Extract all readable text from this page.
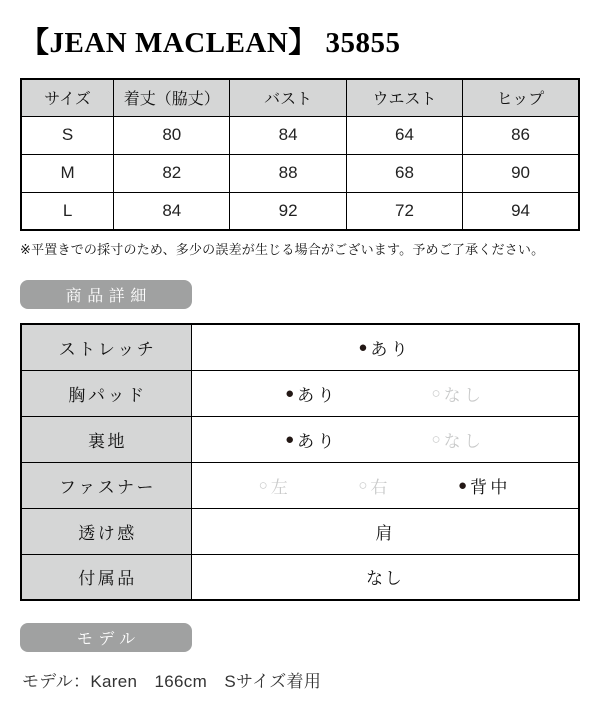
【JEAN MACLEAN】 35855
サイズ	着丈（脇丈）	バスト	ウエスト	ヒップ
S	80	84	64	86
M	82	88	68	90
L	84	92	72	94

※平置きでの採寸のため、多少の誤差が生じる場合がございます。予めご了承ください。

商品詳細
ストレッチ	● あり

胸パッド	● あり ○ なし

裏地	● あり ○ なし

ファスナー	○ 左	○ 右	● 背中

透け感	肩

付属品	なし
モデル

モデル：Karen　166cm　Sサイズ着用
